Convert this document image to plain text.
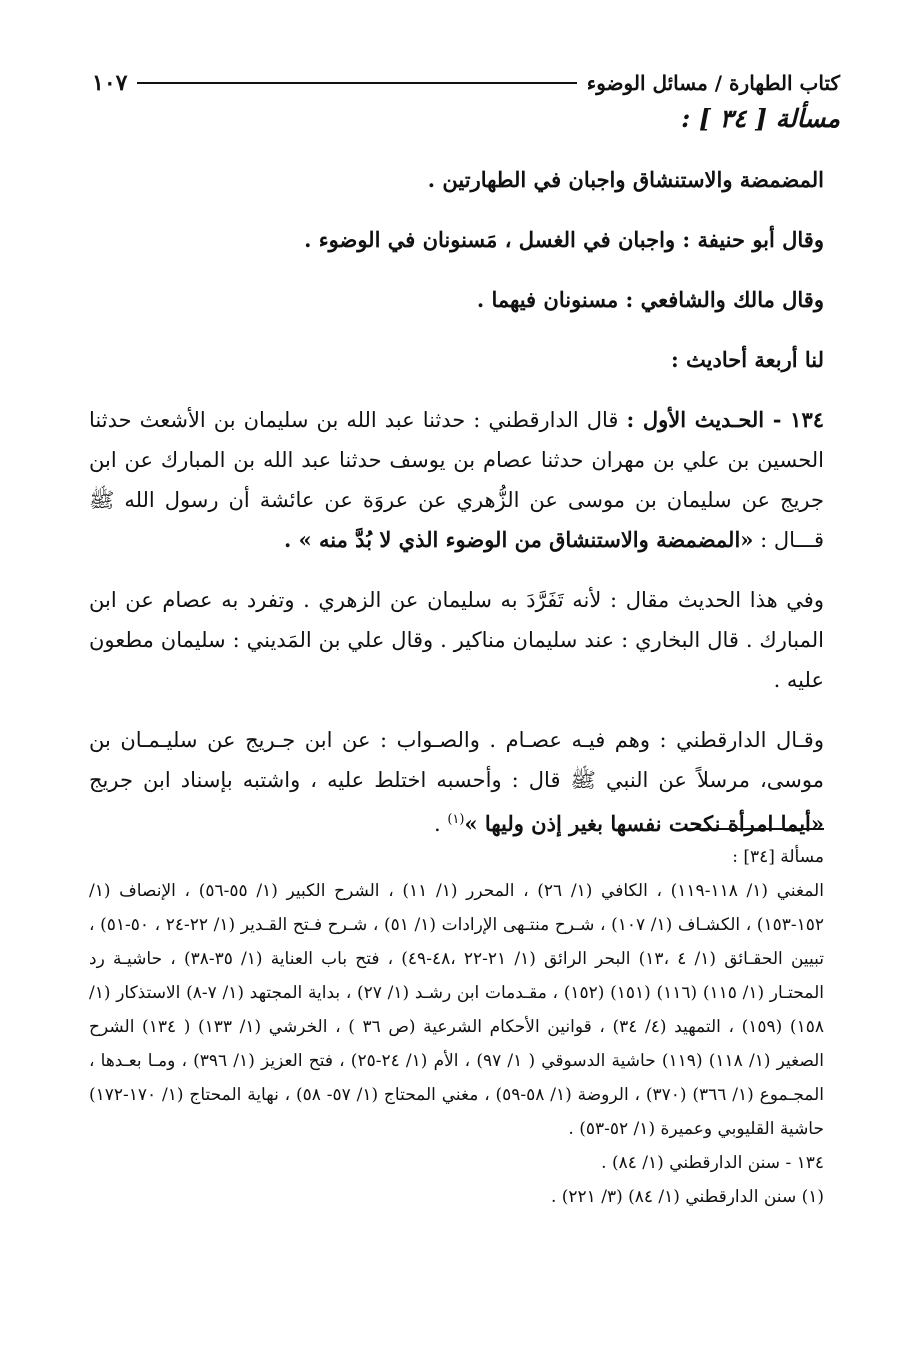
كتاب الطهارة / مسائل الوضوء
١٠٧
مسألة [ ٣٤ ] :

المضمضة والاستنشاق واجبان في الطهارتين .

وقال أبو حنيفة : واجبان في الغسل ، مَسنونان في الوضوء .

وقال مالك والشافعي : مسنونان فيهما .

لنا أربعة أحاديث :

١٣٤ - الحـديث الأول : قال الدارقطني : حدثنا عبد الله بن سليمان بن الأشعث حدثنا الحسين بن علي بن مهران حدثنا عصام بن يوسف حدثنا عبد الله بن المبارك عن ابن جريج عن سليمان بن موسى عن الزُّهري عن عروَة عن عائشة أن رسول الله ﷺ قـــال : «المضمضة والاستنشاق من الوضوء الذي لا بُدَّ منه » .

وفي هذا الحديث مقال : لأنه تَفَرَّدَ به سليمان عن الزهري . وتفرد به عصام عن ابن المبارك . قال البخاري : عند سليمان مناكير . وقال علي بن المَديني : سليمان مطعون عليه .

وقـال الدارقطني : وهم فيـه عصـام . والصـواب : عن ابن جـريج عن سليـمـان بن موسى، مرسلاً عن النبي ﷺ قال : وأحسبه اختلط عليه ، واشتبه بإسناد ابن جريج «أيما امرأة نكحت نفسها بغير إذن وليها »$^{(١)}$ .

مسألة [٣٤] :

المغني (١/ ١١٨-١١٩) ، الكافي (١/ ٢٦) ، المحرر (١/ ١١) ، الشرح الكبير (١/ ٥٥-٥٦) ، الإنصاف (١/ ١٥٢-١٥٣) ، الكشـاف (١/ ١٠٧) ، شـرح منتـهى الإرادات (١/ ٥١) ، شـرح فـتح القـدير (١/ ٢٢-٢٤ ، ٥٠-٥١) ، تبيين الحقـائق (١/ ٤ ،١٣) البحر الرائق (١/ ٢١-٢٢ ،٤٨-٤٩) ، فتح باب العناية (١/ ٣٥-٣٨) ، حاشيـة رد المحتـار (١/ ١١٥) (١١٦) (١٥١) (١٥٢) ، مقـدمات ابن رشـد (١/ ٢٧) ، بداية المجتهد (١/ ٧-٨) الاستذكار (١/ ١٥٨) (١٥٩) ، التمهيد (٤/ ٣٤) ، قوانين الأحكام الشرعية (ص ٣٦ ) ، الخرشي (١/ ١٣٣) ( ١٣٤) الشرح الصغير (١/ ١١٨) (١١٩) حاشية الدسوقي ( ١/ ٩٧) ، الأم (١/ ٢٤-٢٥) ، فتح العزيز (١/ ٣٩٦) ، ومـا بعـدها ، المجـموع (١/ ٣٦٦) (٣٧٠) ، الروضة (١/ ٥٨-٥٩) ، مغني المحتاج (١/ ٥٧- ٥٨) ، نهاية المحتاج (١/ ١٧٠-١٧٢) حاشية القليوبي وعميرة (١/ ٥٢-٥٣) .

١٣٤ - سنن الدارقطني (١/ ٨٤) .

(١) سنن الدارقطني (١/ ٨٤) (٣/ ٢٢١) .
